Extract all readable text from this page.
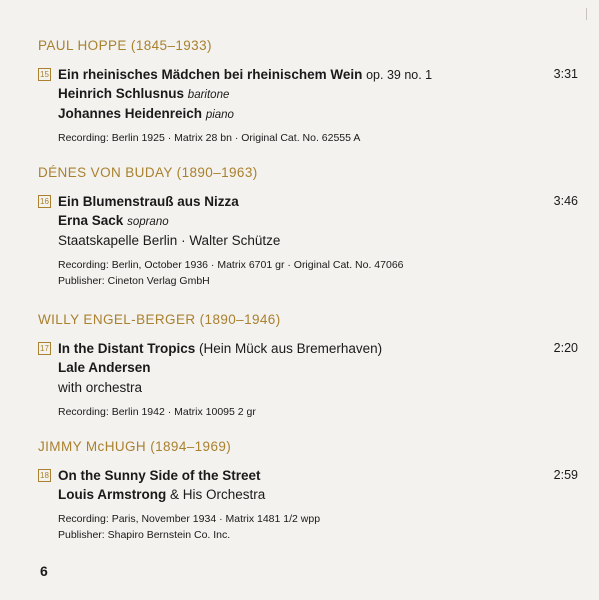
PAUL HOPPE (1845–1933)
15 Ein rheinisches Mädchen bei rheinischem Wein op. 39 no. 1	3:31
Heinrich Schlusnus baritone
Johannes Heidenreich piano
Recording: Berlin 1925 · Matrix 28 bn · Original Cat. No. 62555 A
DÉNES VON BUDAY (1890–1963)
16 Ein Blumenstrauß aus Nizza	3:46
Erna Sack soprano
Staatskapelle Berlin · Walter Schütze
Recording: Berlin, October 1936 · Matrix 6701 gr · Original Cat. No. 47066
Publisher: Cineton Verlag GmbH
WILLY ENGEL-BERGER (1890–1946)
17 In the Distant Tropics (Hein Mück aus Bremerhaven)	2:20
Lale Andersen
with orchestra
Recording: Berlin 1942 · Matrix 10095 2 gr
JIMMY McHUGH (1894–1969)
18 On the Sunny Side of the Street	2:59
Louis Armstrong & His Orchestra
Recording: Paris, November 1934 · Matrix 1481 1/2 wpp
Publisher: Shapiro Bernstein Co. Inc.
6
